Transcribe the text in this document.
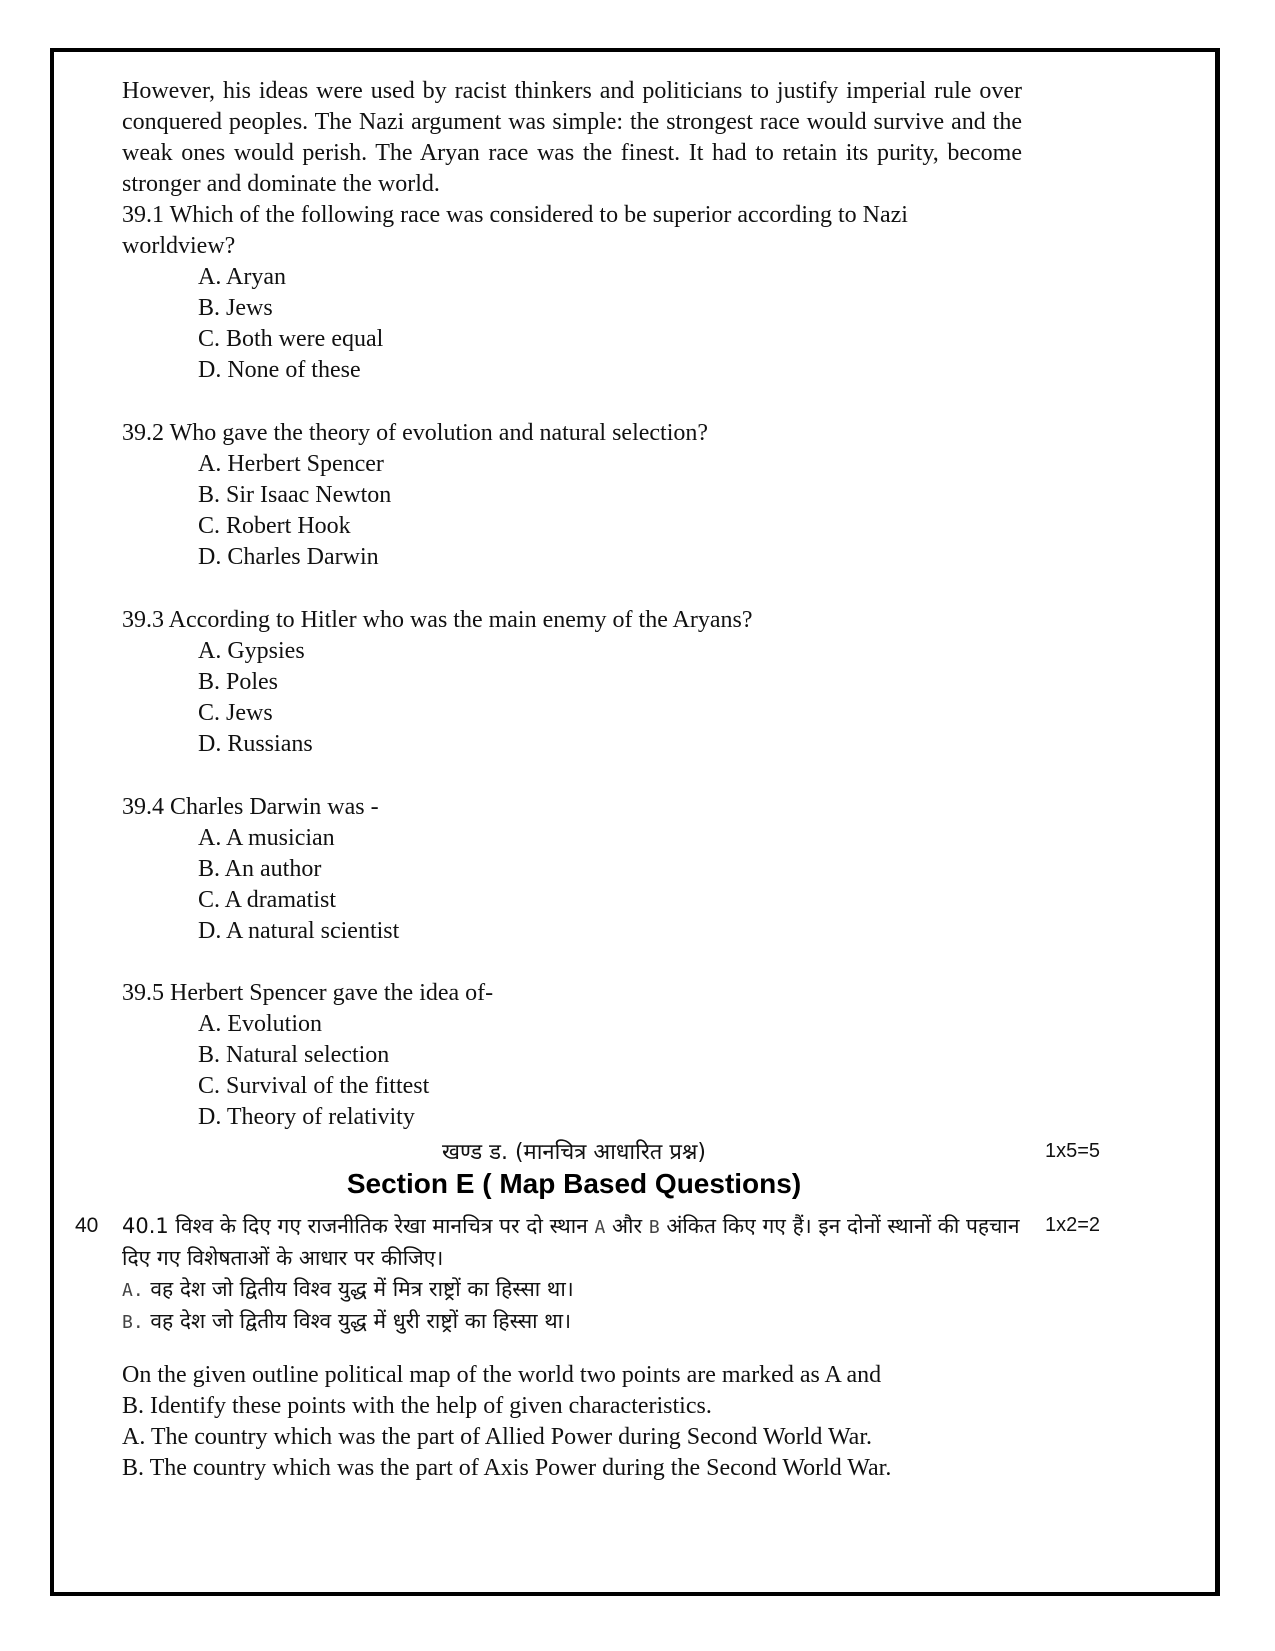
However, his ideas were used by racist thinkers and politicians to justify imperial rule over conquered peoples. The Nazi argument was simple: the strongest race would survive and the weak ones would perish. The Aryan race was the finest. It had to retain its purity, become stronger and dominate the world.

39.1 Which of the following race was considered to be superior according to Nazi worldview?

A. Aryan
B. Jews
C. Both were equal
D. None of these

39.2 Who gave the theory of evolution and natural selection?

A. Herbert Spencer
B. Sir Isaac Newton
C. Robert Hook
D. Charles Darwin

39.3 According to Hitler who was the main enemy of the Aryans?

A. Gypsies
B. Poles
C. Jews
D. Russians

39.4 Charles Darwin was -

A. A musician
B. An author
C. A dramatist
D. A natural scientist

39.5 Herbert Spencer gave the idea of-

A. Evolution
B. Natural selection
C. Survival of the fittest
D. Theory of relativity
खण्ड ड. (मानचित्र आधारित प्रश्न)	1x5=5
Section E ( Map Based Questions)
40	1x2=2
40.1 विश्व के दिए गए राजनीतिक रेखा मानचित्र पर दो स्थान A और B अंकित किए गए हैं। इन दोनों स्थानों की पहचान दिए गए विशेषताओं के आधार पर कीजिए।
A. वह देश जो द्वितीय विश्व युद्ध में मित्र राष्ट्रों का हिस्सा था।
B. वह देश जो द्वितीय विश्व युद्ध में धुरी राष्ट्रों का हिस्सा था।
On the given outline political map of the world two points are marked as A and
B. Identify these points with the help of given characteristics.
A. The country which was the part of Allied Power during Second World War.
B. The country which was the part of Axis Power during the Second World War.
